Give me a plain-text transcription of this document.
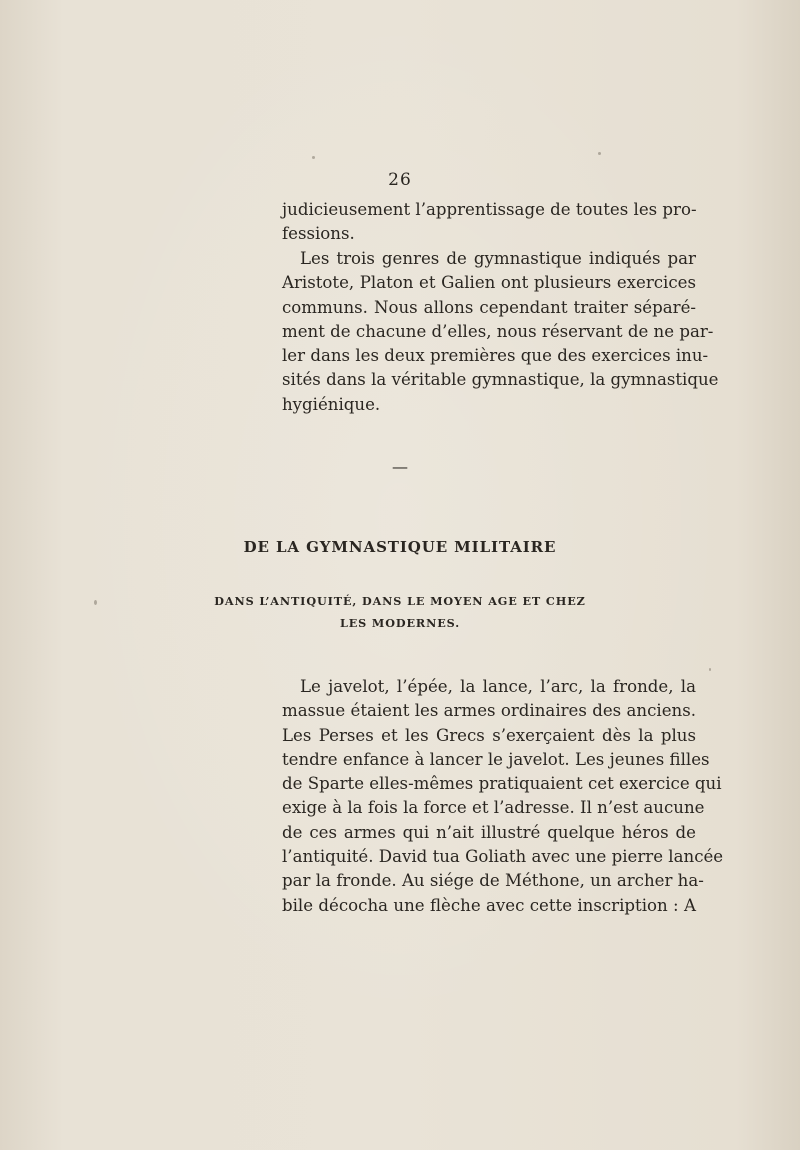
26
judicieusement l’apprentissage de toutes les pro-
fessions.
Les trois genres de gymnastique indiqués par
Aristote, Platon et Galien ont plusieurs exercices
communs. Nous allons cependant traiter séparé-
ment de chacune d’elles, nous réservant de ne par-
ler dans les deux premières que des exercices inu-
sités dans la véritable gymnastique, la gymnastique
hygiénique.
—
DE LA GYMNASTIQUE MILITAIRE
DANS L’ANTIQUITÉ, DANS LE MOYEN AGE ET CHEZ
LES MODERNES.
Le javelot, l’épée, la lance, l’arc, la fronde, la
massue étaient les armes ordinaires des anciens.
Les Perses et les Grecs s’exerçaient dès la plus
tendre enfance à lancer le javelot. Les jeunes filles
de Sparte elles-mêmes pratiquaient cet exercice qui
exige à la fois la force et l’adresse. Il n’est aucune
de ces armes qui n’ait illustré quelque héros de
l’antiquité. David tua Goliath avec une pierre lancée
par la fronde. Au siége de Méthone, un archer ha-
bile décocha une flèche avec cette inscription : A
